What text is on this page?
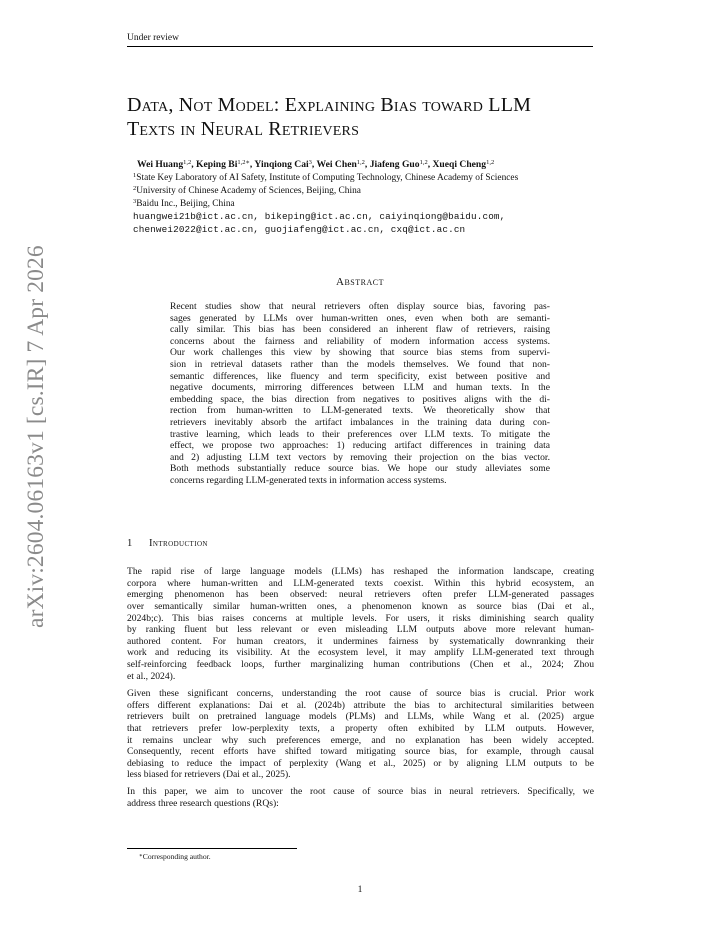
Under review
arXiv:2604.06163v1 [cs.IR] 7 Apr 2026
Data, Not Model: Explaining Bias toward LLM
Texts in Neural Retrievers
Wei Huang$^{1,2}$, Keping $Bi^{1,2∗}$, Yinqiong Cai$^3$, Wei Chen$^{1,2}$, Jiafeng Guo$^{1,2}$, Xueqi Cheng$^{1,2}$
$^1$State Key Laboratory of AI Safety, Institute of Computing Technology, Chinese Academy of Sciences
$^2$University of Chinese Academy of Sciences, Beijing, China
$^3$Baidu Inc., Beijing, China
huangwei21b@ict.ac.cn, bikeping@ict.ac.cn, caiyinqiong@baidu.com,
chenwei2022@ict.ac.cn, guojiafeng@ict.ac.cn, cxq@ict.ac.cn
Abstract
Recent studies show that neural retrievers often display source bias, favoring pas-
sages generated by LLMs over human-written ones, even when both are semanti-
cally similar. This bias has been considered an inherent flaw of retrievers, raising
concerns about the fairness and reliability of modern information access systems.
Our work challenges this view by showing that source bias stems from supervi-
sion in retrieval datasets rather than the models themselves. We found that non-
semantic differences, like fluency and term specificity, exist between positive and
negative documents, mirroring differences between LLM and human texts. In the
embedding space, the bias direction from negatives to positives aligns with the di-
rection from human-written to LLM-generated texts. We theoretically show that
retrievers inevitably absorb the artifact imbalances in the training data during con-
trastive learning, which leads to their preferences over LLM texts. To mitigate the
effect, we propose two approaches: 1) reducing artifact differences in training data
and 2) adjusting LLM text vectors by removing their projection on the bias vector.
Both methods substantially reduce source bias. We hope our study alleviates some
concerns regarding LLM-generated texts in information access systems.
1 Introduction
The rapid rise of large language models (LLMs) has reshaped the information landscape, creating
corpora where human-written and LLM-generated texts coexist. Within this hybrid ecosystem, an
emerging phenomenon has been observed: neural retrievers often prefer LLM-generated passages
over semantically similar human-written ones, a phenomenon known as source bias (Dai et al.,
2024b;c). This bias raises concerns at multiple levels. For users, it risks diminishing search quality
by ranking fluent but less relevant or even misleading LLM outputs above more relevant human-
authored content. For human creators, it undermines fairness by systematically downranking their
work and reducing its visibility. At the ecosystem level, it may amplify LLM-generated text through
self-reinforcing feedback loops, further marginalizing human contributions (Chen et al., 2024; Zhou
et al., 2024).
Given these significant concerns, understanding the root cause of source bias is crucial. Prior work
offers different explanations: Dai et al. (2024b) attribute the bias to architectural similarities between
retrievers built on pretrained language models (PLMs) and LLMs, while Wang et al. (2025) argue
that retrievers prefer low-perplexity texts, a property often exhibited by LLM outputs. However,
it remains unclear why such preferences emerge, and no explanation has been widely accepted.
Consequently, recent efforts have shifted toward mitigating source bias, for example, through causal
debiasing to reduce the impact of perplexity (Wang et al., 2025) or by aligning LLM outputs to be
less biased for retrievers (Dai et al., 2025).
In this paper, we aim to uncover the root cause of source bias in neural retrievers. Specifically, we
address three research questions (RQs):
∗Corresponding author.
1
